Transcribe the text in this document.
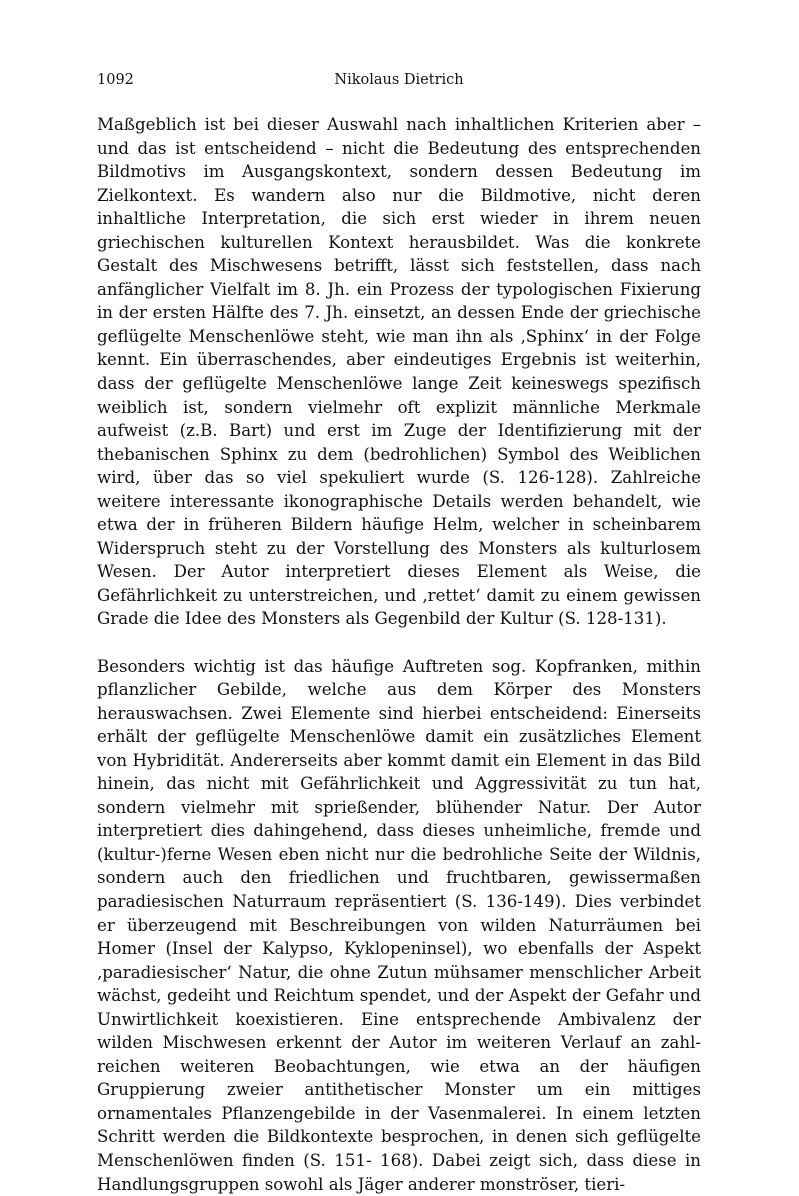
1092	Nikolaus Dietrich

Maßgeblich ist bei dieser Auswahl nach inhaltlichen Kriterien aber – und das ist entscheidend – nicht die Bedeutung des entsprechenden Bildmotivs im Ausgangskontext, sondern dessen Bedeutung im Zielkontext. Es wandern also nur die Bildmotive, nicht deren inhaltliche Interpretation, die sich erst wieder in ihrem neuen griechischen kulturellen Kontext herausbildet. Was die konkrete Gestalt des Mischwesens betrifft, lässt sich feststellen, dass nach anfänglicher Vielfalt im 8. Jh. ein Prozess der typologischen Fixierung in der ersten Hälfte des 7. Jh. einsetzt, an dessen Ende der griechische geflügelte Menschenlöwe steht, wie man ihn als ‚Sphinx‘ in der Folge kennt. Ein überraschendes, aber eindeutiges Ergebnis ist weiterhin, dass der geflügelte Menschenlöwe lange Zeit keineswegs spezifisch weiblich ist, sondern vielmehr oft explizit männliche Merkmale aufweist (z.B. Bart) und erst im Zuge der Identifizierung mit der thebanischen Sphinx zu dem (bedrohlichen) Symbol des Weiblichen wird, über das so viel spekuliert wurde (S. 126-128). Zahlreiche weitere interessante ikonographische Details werden behandelt, wie etwa der in früheren Bildern häufige Helm, welcher in scheinbarem Widerspruch steht zu der Vorstellung des Monsters als kulturlosem Wesen. Der Autor interpretiert dieses Element als Weise, die Gefährlichkeit zu unterstreichen, und ‚rettet‘ damit zu einem gewissen Grade die Idee des Monsters als Gegenbild der Kultur (S. 128-131).

Besonders wichtig ist das häufige Auftreten sog. Kopfranken, mithin pflanzlicher Gebilde, welche aus dem Körper des Monsters herauswachsen. Zwei Elemente sind hierbei entscheidend: Einerseits erhält der geflügelte Menschenlöwe damit ein zusätzliches Element von Hybridität. Andererseits aber kommt damit ein Element in das Bild hinein, das nicht mit Gefährlichkeit und Aggressivität zu tun hat, sondern vielmehr mit sprießender, blühender Natur. Der Autor interpretiert dies dahingehend, dass dieses unheimliche, fremde und (kultur-)ferne Wesen eben nicht nur die bedrohliche Seite der Wildnis, sondern auch den friedlichen und fruchtbaren, gewissermaßen paradiesischen Naturraum repräsentiert (S. 136-149). Dies verbindet er überzeugend mit Beschreibungen von wilden Naturräumen bei Homer (Insel der Kalypso, Kyklopeninsel), wo ebenfalls der Aspekt ‚paradiesischer‘ Natur, die ohne Zutun mühsamer menschlicher Arbeit wächst, gedeiht und Reichtum spendet, und der Aspekt der Gefahr und Unwirtlichkeit koexistieren. Eine entsprechende Ambivalenz der wilden Mischwesen erkennt der Autor im weiteren Verlauf an zahlreichen weiteren Beobachtungen, wie etwa an der häufigen Gruppierung zweier antithetischer Monster um ein mittiges ornamentales Pflanzengebilde in der Vasenmalerei. In einem letzten Schritt werden die Bildkontexte besprochen, in denen sich geflügelte Menschenlöwen finden (S. 151- 168). Dabei zeigt sich, dass diese in Handlungsgruppen sowohl als Jäger anderer monströser, tieri-
